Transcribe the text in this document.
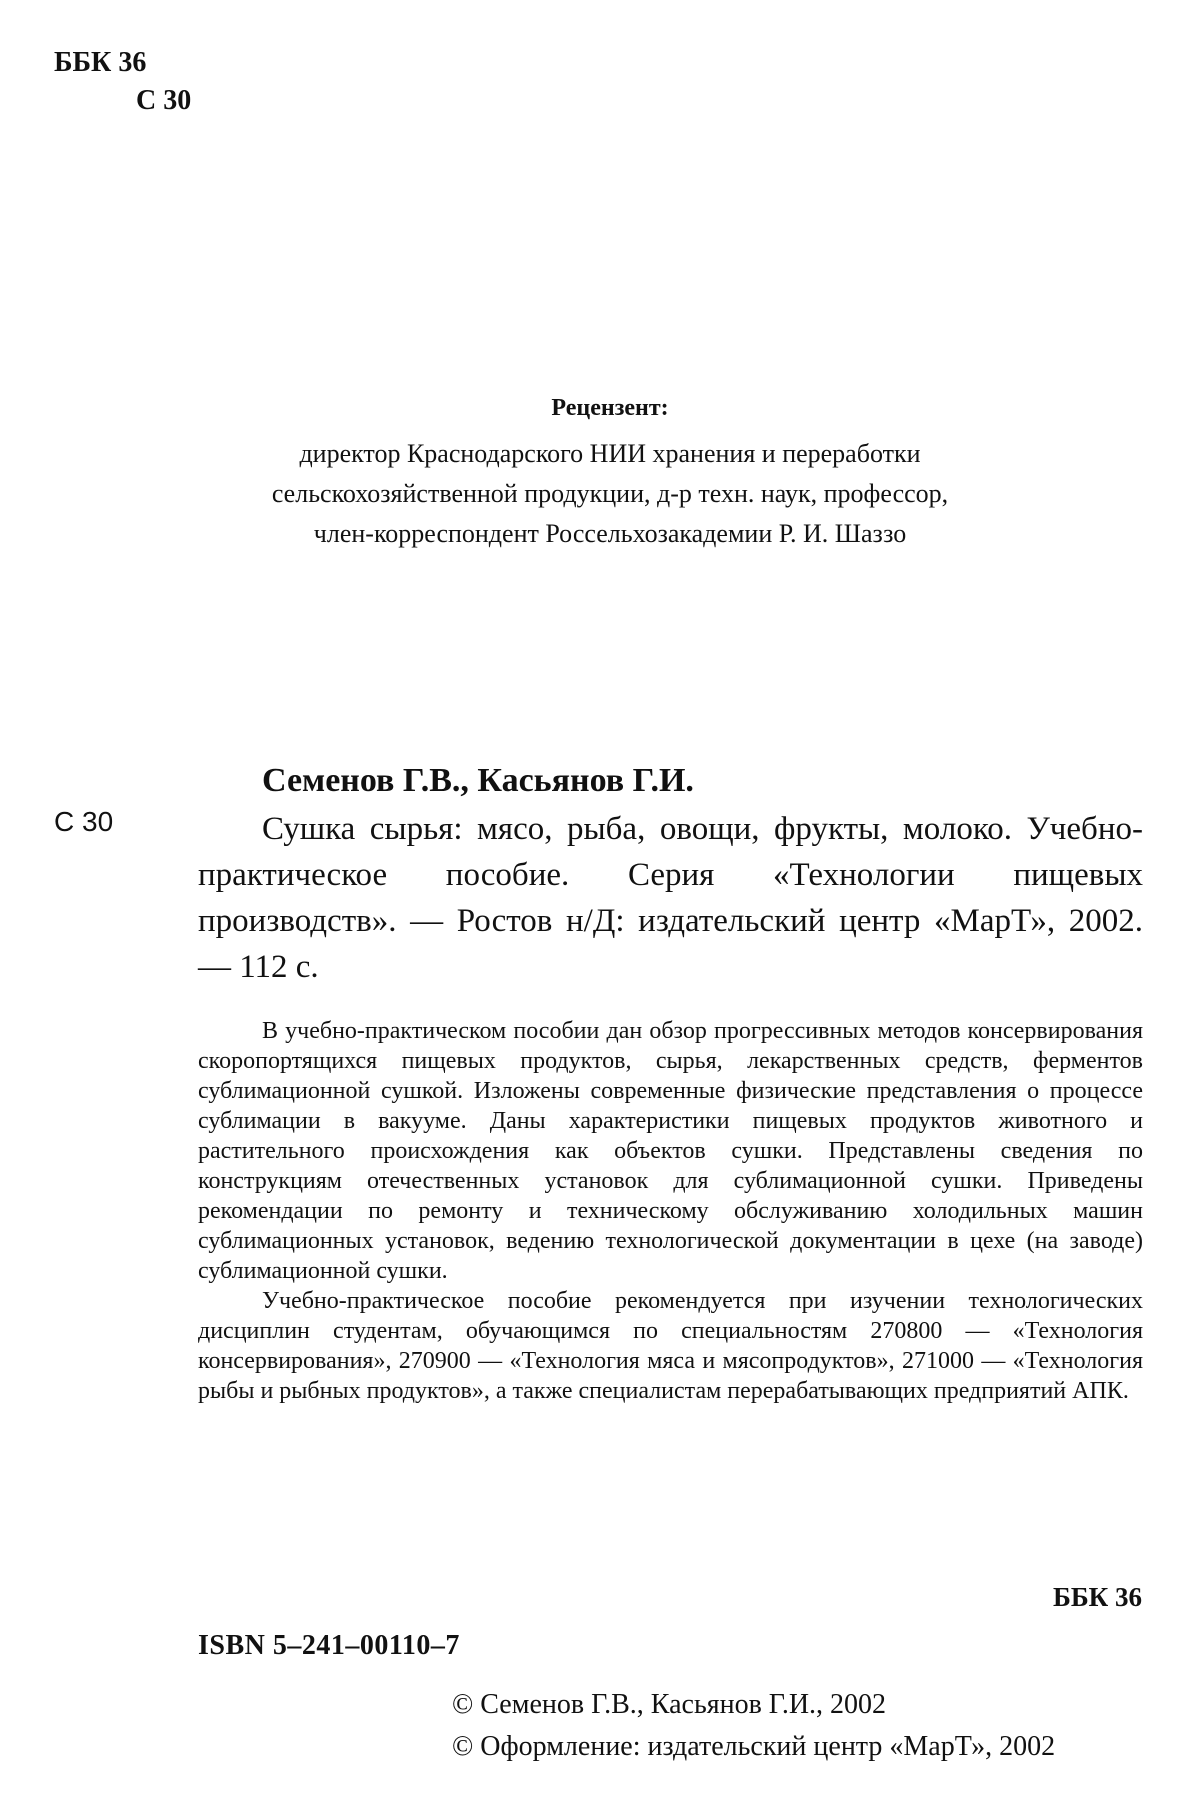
ББК 36
С 30
Рецензент:
директор Краснодарского НИИ хранения и переработки
сельскохозяйственной продукции, д-р техн. наук, профессор,
член-корреспондент Россельхозакадемии Р. И. Шаззо
Семенов Г.В., Касьянов Г.И.
С 30	Сушка сырья: мясо, рыба, овощи, фрукты, молоко. Учебно-практическое пособие. Серия «Технологии пищевых производств». — Ростов н/Д: издательский центр «МарТ», 2002. — 112 с.

В учебно-практическом пособии дан обзор прогрессивных методов консервирования скоропортящихся пищевых продуктов, сырья, лекарственных средств, ферментов сублимационной сушкой. Изложены современные физические представления о процессе сублимации в вакууме. Даны характеристики пищевых продуктов животного и растительного происхождения как объектов сушки. Представлены сведения по конструкциям отечественных установок для сублимационной сушки. Приведены рекомендации по ремонту и техническому обслуживанию холодильных машин сублимационных установок, ведению технологической документации в цехе (на заводе) сублимационной сушки.

Учебно-практическое пособие рекомендуется при изучении технологических дисциплин студентам, обучающимся по специальностям 270800 — «Технология консервирования», 270900 — «Технология мяса и мясопродуктов», 271000 — «Технология рыбы и рыбных продуктов», а также специалистам перерабатывающих предприятий АПК.

ББК 36
ISBN 5–241–00110–7
© Семенов Г.В., Касьянов Г.И., 2002
© Оформление: издательский центр «МарТ», 2002
